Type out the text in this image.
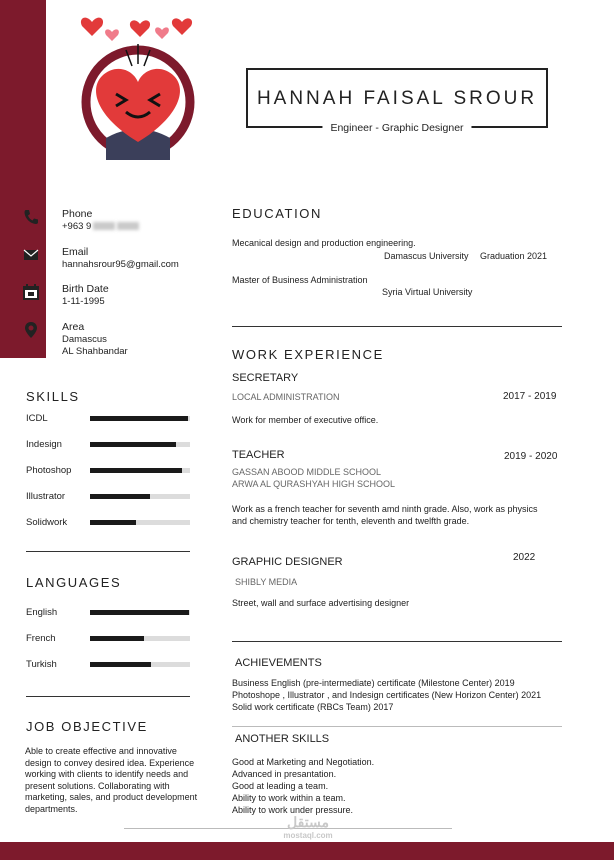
HANNAH FAISAL SROUR
Engineer - Graphic Designer
Phone
+963 9
Email
hannahsrour95@gmail.com
Birth Date
1-11-1995
Area
Damascus
AL Shahbandar
SKILLS
ICDL
Indesign
Photoshop
Illustrator
Solidwork
LANGUAGES
English
French
Turkish
JOB OBJECTIVE
Able to create effective and innovative design to convey desired idea. Experience working with clients to identify needs and present solutions. Collaborating with marketing, sales, and product development departments.
EDUCATION
Mecanical design and production engineering.
Damascus University Graduation 2021
Master of Business Administration
Syria Virtual University
WORK EXPERIENCE
SECRETARY
LOCAL ADMINISTRATION	2017 - 2019
Work for member of executive office.
TEACHER	2019 - 2020
GASSAN ABOOD MIDDLE SCHOOL
ARWA AL QURASHYAH HIGH SCHOOL
Work as a french teacher for seventh amd ninth grade. Also, work as physics and chemistry teacher for tenth, eleventh and twelfth grade.
GRAPHIC DESIGNER	2022
SHIBLY MEDIA
Street, wall and surface advertising designer
ACHIEVEMENTS
Business English (pre-intermediate) certificate (Milestone Center) 2019
Photoshope , Illustrator , and Indesign certificates (New Horizon Center) 2021
Solid work certificate (RBCs Team) 2017
ANOTHER SKILLS
Good at Marketing and Negotiation.
Advanced in presantation.
Good at leading a team.
Ability to work within a team.
Ability to work under pressure.
مستقل
mostaql.com
